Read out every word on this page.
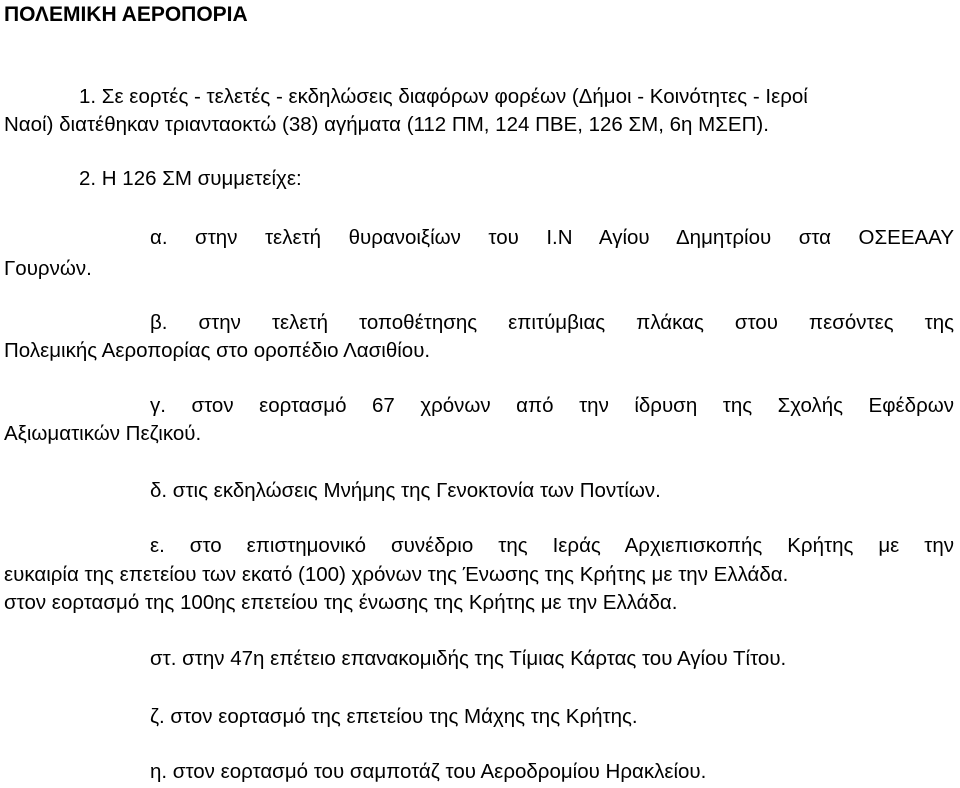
ΠΟΛΕΜΙΚΗ ΑΕΡΟΠΟΡΙΑ
1. Σε εορτές - τελετές - εκδηλώσεις διαφόρων φορέων (Δήμοι - Κοινότητες - Ιεροί
Ναοί) διατέθηκαν τριανταοκτώ (38) αγήματα (112 ΠΜ, 124 ΠΒΕ, 126 ΣΜ, 6η ΜΣΕΠ).
2. Η 126 ΣΜ συμμετείχε:
α. στην τελετή θυρανοιξίων του Ι.Ν Αγίου Δημητρίου στα ΟΣΕΕΑΑΥ
Γουρνών.
β. στην τελετή τοποθέτησης επιτύμβιας πλάκας στου πεσόντες της
Πολεμικής Αεροπορίας στο οροπέδιο Λασιθίου.
γ. στον εορτασμό 67 χρόνων από την ίδρυση της Σχολής Εφέδρων
Αξιωματικών Πεζικού.
δ. στις εκδηλώσεις Μνήμης της Γενοκτονία των Ποντίων.
ε. στο επιστημονικό συνέδριο της Ιεράς Αρχιεπισκοπής Κρήτης με την
ευκαιρία της επετείου των εκατό (100) χρόνων της Ένωσης της Κρήτης με την Ελλάδα.
στον εορτασμό της 100ης επετείου της ένωσης της Κρήτης με την Ελλάδα.
στ. στην 47η επέτειο επανακομιδής της Τίμιας Κάρτας του Αγίου Τίτου.
ζ. στον εορτασμό της επετείου της Μάχης της Κρήτης.
η. στον εορτασμό του σαμποτάζ του Αεροδρομίου Ηρακλείου.
